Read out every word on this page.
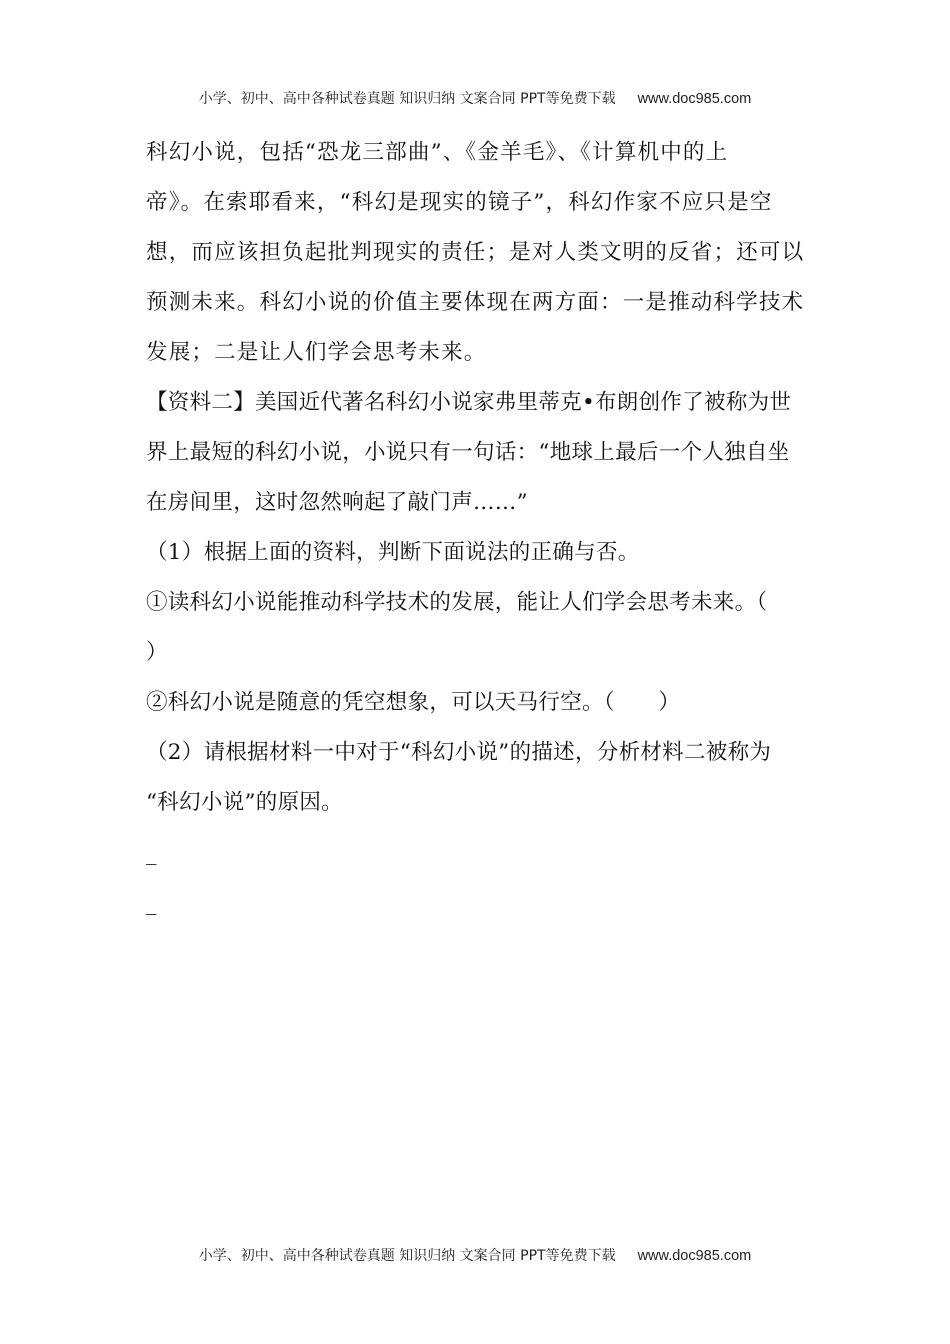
小学、初中、高中各种试卷真题 知识归纳 文案合同 PPT等免费下载 www.doc985.com
科幻小说，包括“恐龙三部曲”、《金羊毛》、《计算机中的上
帝》。在索耶看来，“科幻是现实的镜子”，科幻作家不应只是空
想，而应该担负起批判现实的责任；是对人类文明的反省；还可以
预测未来。科幻小说的价值主要体现在两方面：一是推动科学技术
发展；二是让人们学会思考未来。
【资料二】美国近代著名科幻小说家弗里蒂克•布朗创作了被称为世
界上最短的科幻小说，小说只有一句话：“地球上最后一个人独自坐
在房间里，这时忽然响起了敲门声……”
（1）根据上面的资料，判断下面说法的正确与否。
①读科幻小说能推动科学技术的发展，能让人们学会思考未来。（
）
②科幻小说是随意的凭空想象，可以天马行空。（　　）
（2）请根据材料一中对于“科幻小说”的描述，分析材料二被称为
“科幻小说”的原因。
_
_
小学、初中、高中各种试卷真题 知识归纳 文案合同 PPT等免费下载 www.doc985.com
